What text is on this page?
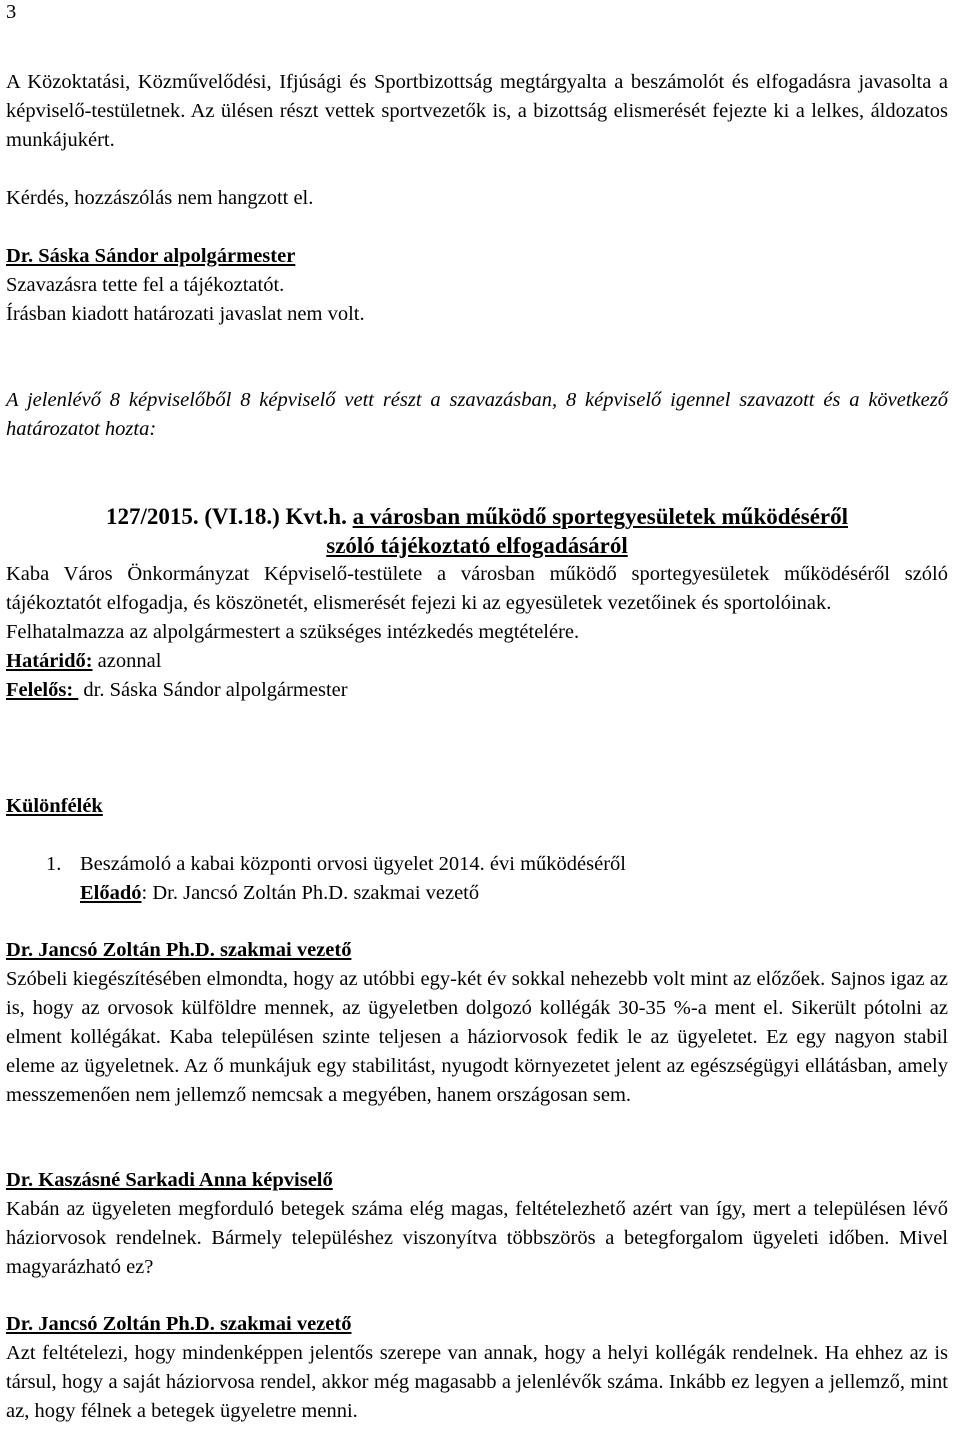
3
A Közoktatási, Közművelődési, Ifjúsági és Sportbizottság megtárgyalta a beszámolót és elfogadásra javasolta a képviselő-testületnek. Az ülésen részt vettek sportvezetők is, a bizottság elismerését fejezte ki a lelkes, áldozatos munkájukért.
Kérdés, hozzászólás nem hangzott el.
Dr. Sáska Sándor alpolgármester
Szavazásra tette fel a tájékoztatót.
Írásban kiadott határozati javaslat nem volt.
A jelenlévő 8 képviselőből 8 képviselő vett részt a szavazásban, 8 képviselő igennel szavazott és a következő határozatot hozta:
127/2015. (VI.18.) Kvt.h. a városban működő sportegyesületek működéséről
szóló tájékoztató elfogadásáról
Kaba Város Önkormányzat Képviselő-testülete a városban működő sportegyesületek működéséről szóló tájékoztatót elfogadja, és köszönetét, elismerését fejezi ki az egyesületek vezetőinek és sportolóinak.
Felhatalmazza az alpolgármestert a szükséges intézkedés megtételére.
Határidő: azonnal
Felelős:  dr. Sáska Sándor alpolgármester
Különfélék
1. Beszámoló a kabai központi orvosi ügyelet 2014. évi működéséről
Előadó: Dr. Jancsó Zoltán Ph.D. szakmai vezető
Dr. Jancsó Zoltán Ph.D. szakmai vezető
Szóbeli kiegészítésében elmondta, hogy az utóbbi egy-két év sokkal nehezebb volt mint az előzőek. Sajnos igaz az is, hogy az orvosok külföldre mennek, az ügyeletben dolgozó kollégák 30-35 %-a ment el. Sikerült pótolni az elment kollégákat. Kaba településen szinte teljesen a háziorvosok fedik le az ügyeletet. Ez egy nagyon stabil eleme az ügyeletnek. Az ő munkájuk egy stabilitást, nyugodt környezetet jelent az egészségügyi ellátásban, amely messzemenően nem jellemző nemcsak a megyében, hanem országosan sem.
Dr. Kaszásné Sarkadi Anna képviselő
Kabán az ügyeleten megforduló betegek száma elég magas, feltételezhető azért van így, mert a településen lévő háziorvosok rendelnek. Bármely településhez viszonyítva többszörös a betegforgalom ügyeleti időben. Mivel magyarázható ez?
Dr. Jancsó Zoltán Ph.D. szakmai vezető
Azt feltételezi, hogy mindenképpen jelentős szerepe van annak, hogy a helyi kollégák rendelnek. Ha ehhez az is társul, hogy a saját háziorvosa rendel, akkor még magasabb a jelenlévők száma. Inkább ez legyen a jellemző, mint az, hogy félnek a betegek ügyeletre menni.
